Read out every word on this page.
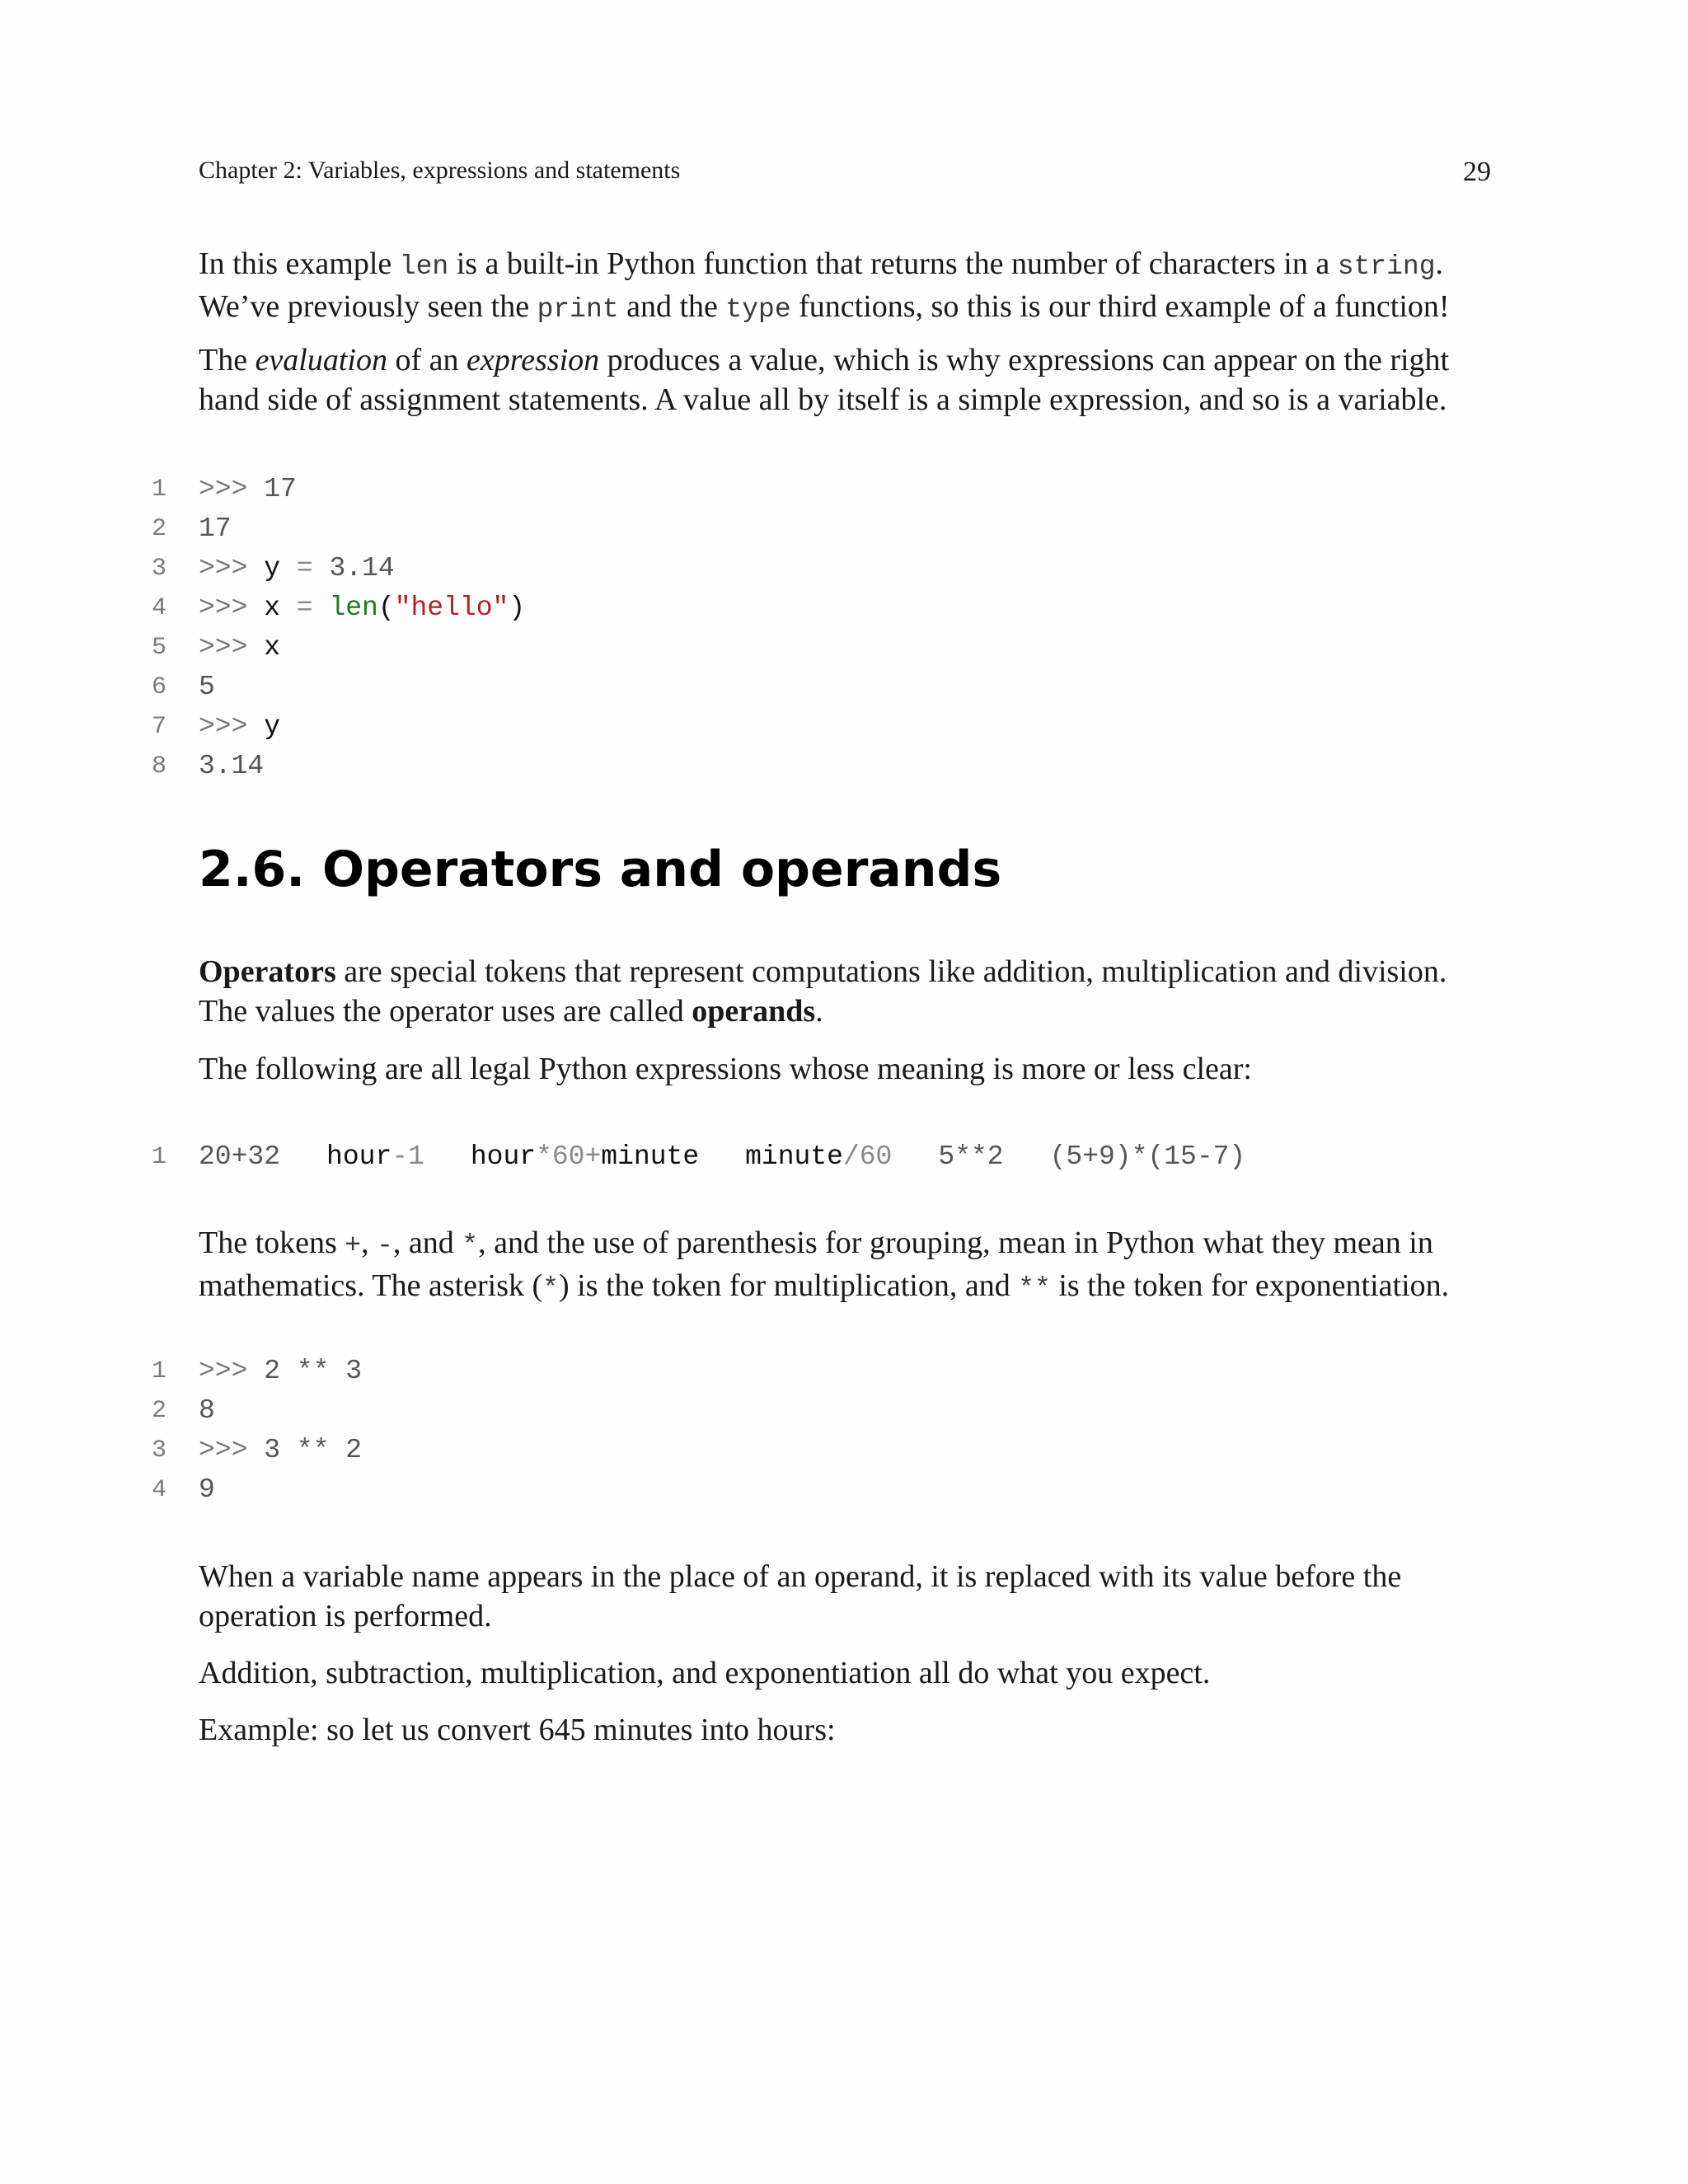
Chapter 2: Variables, expressions and statements	29

In this example len is a built-in Python function that returns the number of characters in a string. We’ve previously seen the print and the type functions, so this is our third example of a function!

The evaluation of an expression produces a value, which is why expressions can appear on the right hand side of assignment statements. A value all by itself is a simple expression, and so is a variable.

1 >>> 17
2 17
3 >>> y = 3.14
4 >>> x = len("hello")
5 >>> x
6 5
7 >>> y
8 3.14
2.6. Operators and operands

Operators are special tokens that represent computations like addition, multiplication and division. The values the operator uses are called operands.

The following are all legal Python expressions whose meaning is more or less clear:

1 20+32 hour-1 hour*60+minute minute/60 5**2 (5+9)*(15-7)

The tokens +, -, and *, and the use of parenthesis for grouping, mean in Python what they mean in mathematics. The asterisk (*) is the token for multiplication, and ** is the token for exponentiation.

1 >>> 2 ** 3
2 8
3 >>> 3 ** 2
4 9

When a variable name appears in the place of an operand, it is replaced with its value before the operation is performed.

Addition, subtraction, multiplication, and exponentiation all do what you expect.

Example: so let us convert 645 minutes into hours:
